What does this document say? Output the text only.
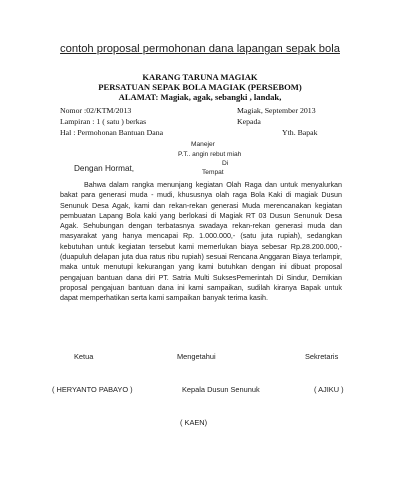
contoh proposal permohonan dana lapangan sepak bola
KARANG TARUNA MAGIAK
PERSATUAN SEPAK BOLA MAGIAK (PERSEBOM)
ALAMAT: Magiak, agak, sebangki , landak,
Nomor :02/KTM/2013
Lampiran : 1 ( satu ) berkas
Hal : Permohonan Bantuan Dana
Magiak, September 2013
Kepada
Yth. Bapak
Manejer
P.T.. angin rebut miah
Di
Tempat
Dengan Hormat,

Bahwa dalam rangka menunjang kegiatan Olah Raga dan untuk menyalurkan bakat para generasi muda - mudi, khususnya olah raga Bola Kaki di magiak Dusun Senunuk Desa Agak, kami dan rekan-rekan generasi Muda merencanakan kegiatan pembuatan Lapang Bola kaki yang berlokasi di Magiak RT 03 Dusun Senunuk Desa Agak. Sehubungan dengan terbatasnya swadaya rekan-rekan generasi muda dan masyarakat yang hanya mencapai Rp. 1.000.000,- (satu juta rupiah), sedangkan kebutuhan untuk kegiatan tersebut kami memerlukan biaya sebesar Rp.28.200.000,- (duapuluh delapan juta dua ratus ribu rupiah) sesuai Rencana Anggaran Biaya terlampir, maka untuk menutupi kekurangan yang kami butuhkan dengan ini dibuat proposal pengajuan bantuan dana diri PT. Satria Multi SuksesPemerintah Di Sindur, Demikian proposal pengajuan bantuan dana ini kami sampaikan, sudilah kiranya Bapak untuk dapat memperhatikan serta kami sampaikan banyak terima kasih.

Ketua	Mengetahui	Sekretaris
( HERYANTO PABAYO )	Kepala Dusun Senunuk	( AJIKU )
( KAEN)
